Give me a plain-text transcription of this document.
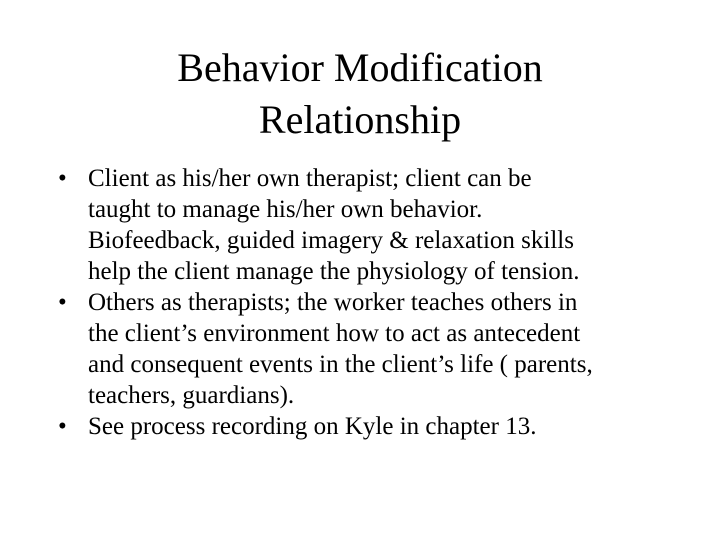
Behavior Modification
Relationship
• Client as his/her own therapist; client can be
taught to manage his/her own behavior.
Biofeedback, guided imagery & relaxation skills
help the client manage the physiology of tension.
• Others as therapists; the worker teaches others in
the client’s environment how to act as antecedent
and consequent events in the client’s life ( parents,
teachers, guardians).
• See process recording on Kyle in chapter 13.
